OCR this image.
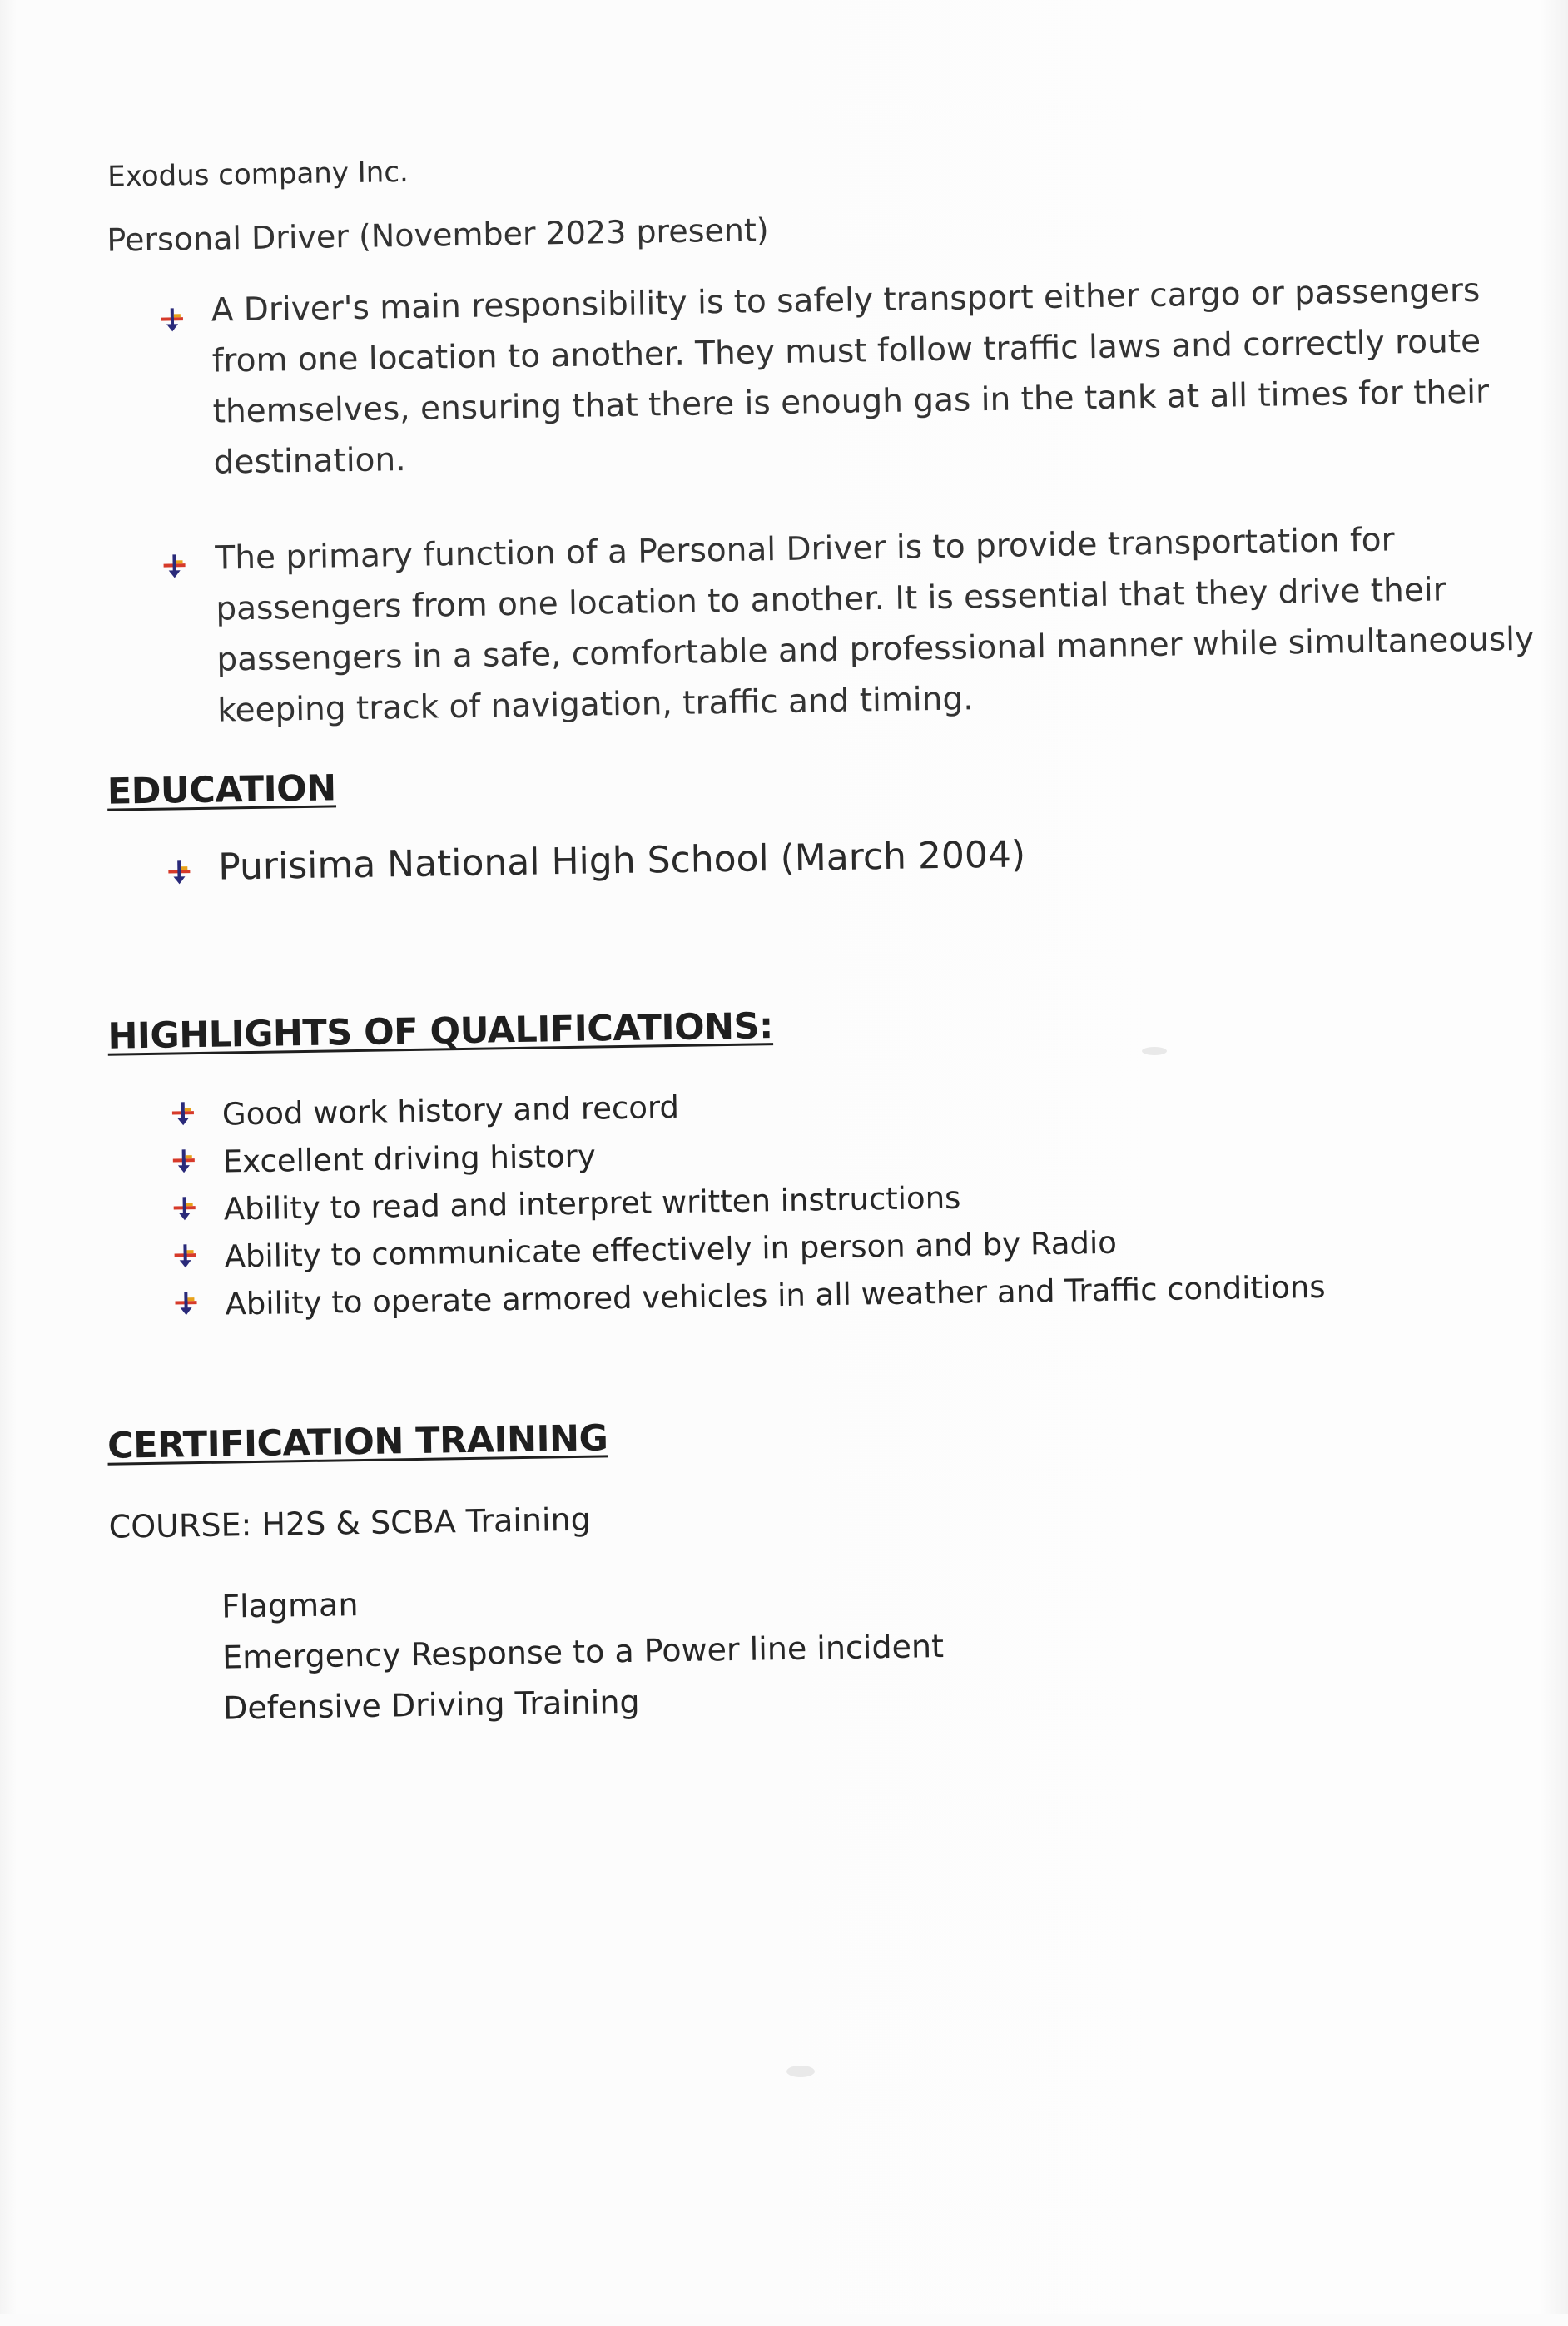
Exodus company Inc.
Personal Driver (November 2023 present)
A Driver's main responsibility is to safely transport either cargo or passengers
from one location to another. They must follow traffic laws and correctly route
themselves, ensuring that there is enough gas in the tank at all times for their
destination.
The primary function of a Personal Driver is to provide transportation for
passengers from one location to another. It is essential that they drive their
passengers in a safe, comfortable and professional manner while simultaneously
keeping track of navigation, traffic and timing.
EDUCATION
Purisima National High School (March 2004)
HIGHLIGHTS OF QUALIFICATIONS:
Good work history and record
Excellent driving history
Ability to read and interpret written instructions
Ability to communicate effectively in person and by Radio
Ability to operate armored vehicles in all weather and Traffic conditions
CERTIFICATION TRAINING
COURSE: H2S & SCBA Training
Flagman
Emergency Response to a Power line incident
Defensive Driving Training
